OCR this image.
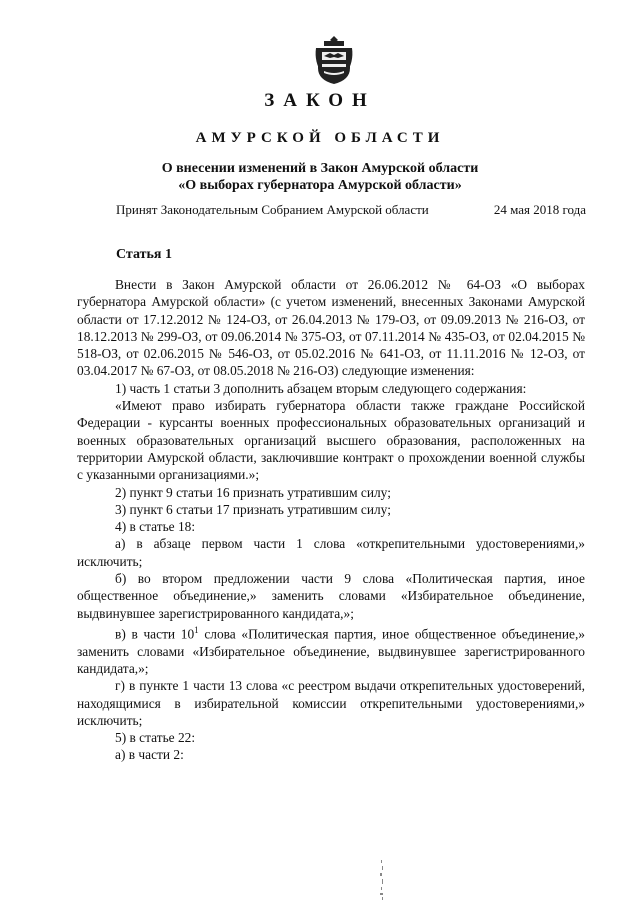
ЗАКОН
АМУРСКОЙ ОБЛАСТИ
О внесении изменений в Закон Амурской области
«О выборах губернатора Амурской области»
Принят Законодательным Собранием Амурской области	24 мая 2018 года
Статья 1

Внести в Закон Амурской области от 26.06.2012 № 64-ОЗ «О выборах губернатора Амурской области» (с учетом изменений, внесенных Законами Амурской области от 17.12.2012 № 124-ОЗ, от 26.04.2013 № 179-ОЗ, от 09.09.2013 № 216-ОЗ, от 18.12.2013 № 299-ОЗ, от 09.06.2014 № 375-ОЗ, от 07.11.2014 № 435-ОЗ, от 02.04.2015 № 518-ОЗ, от 02.06.2015 № 546-ОЗ, от 05.02.2016 № 641-ОЗ, от 11.11.2016 № 12-ОЗ, от 03.04.2017 № 67-ОЗ, от 08.05.2018 № 216-ОЗ) следующие изменения:

1) часть 1 статьи 3 дополнить абзацем вторым следующего содержания:

«Имеют право избирать губернатора области также граждане Российской Федерации - курсанты военных профессиональных образовательных организаций и военных образовательных организаций высшего образования, расположенных на территории Амурской области, заключившие контракт о прохождении военной службы с указанными организациями.»;

2) пункт 9 статьи 16 признать утратившим силу;

3) пункт 6 статьи 17 признать утратившим силу;

4) в статье 18:

а) в абзаце первом части 1 слова «открепительными удостоверениями,» исключить;

б) во втором предложении части 9 слова «Политическая партия, иное общественное объединение,» заменить словами «Избирательное объединение, выдвинувшее зарегистрированного кандидата,»;

в) в части $10^1$ слова «Политическая партия, иное общественное объединение,» заменить словами «Избирательное объединение, выдвинувшее зарегистрированного кандидата,»;

г) в пункте 1 части 13 слова «с реестром выдачи открепительных удостоверений, находящимися в избирательной комиссии открепительными удостоверениями,» исключить;

5) в статье 22:

а) в части 2:
